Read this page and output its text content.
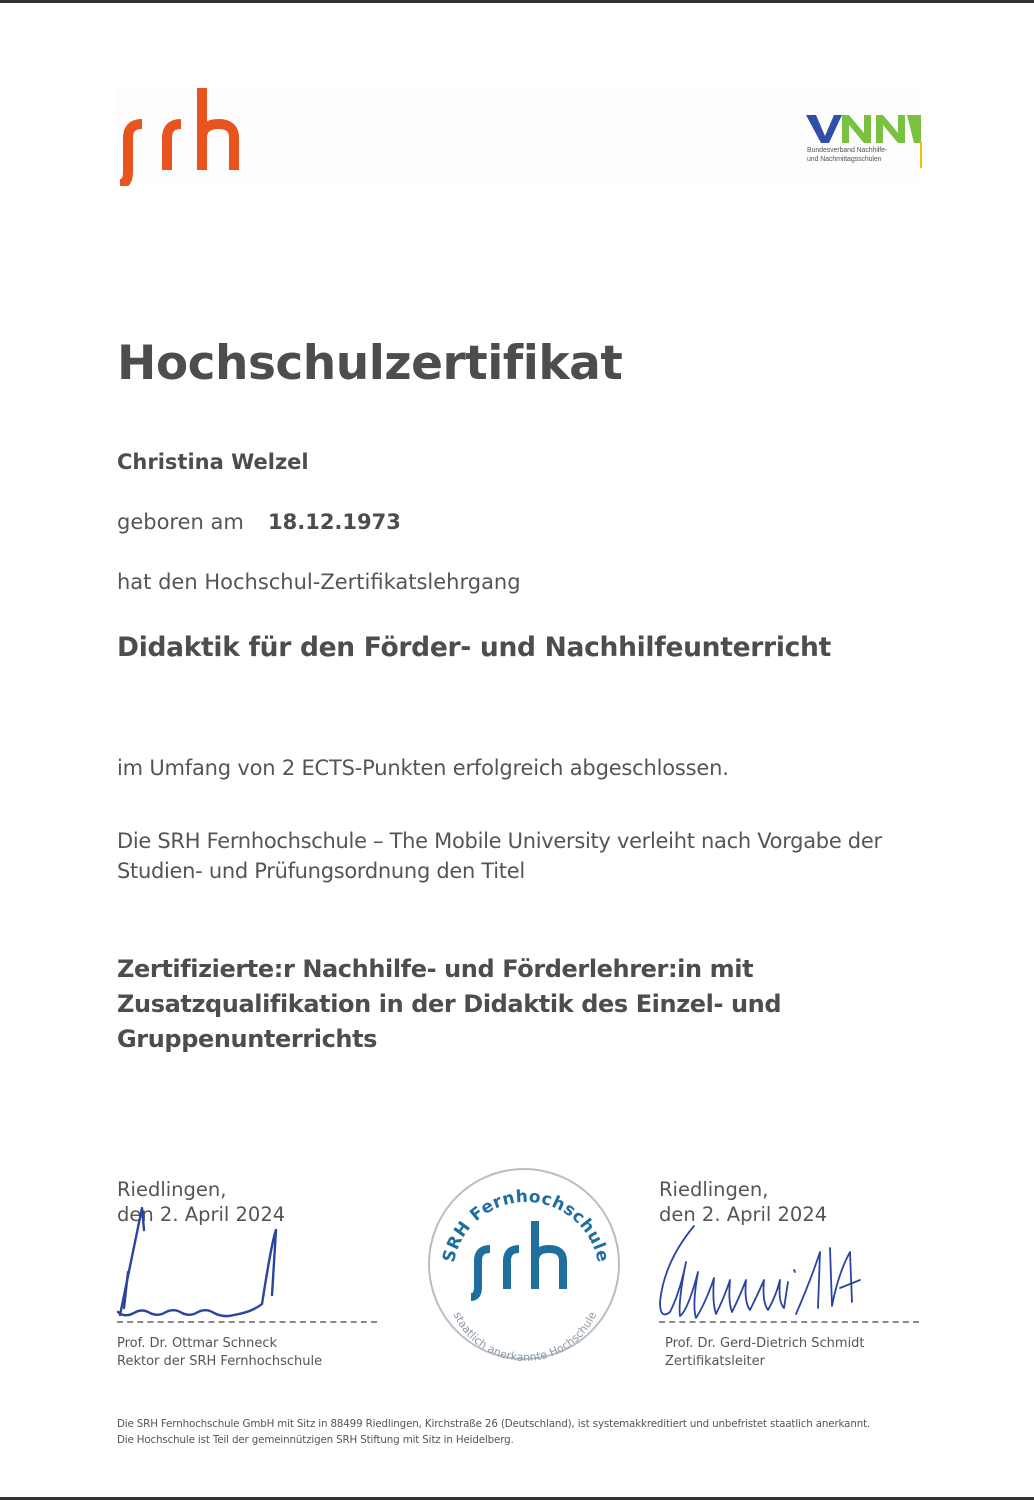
Bundesverband Nachhilfe-
und Nachmittagsschulen
Hochschulzertifikat
Christina Welzel
geboren am 18.12.1973
hat den Hochschul-Zertifikatslehrgang
Didaktik für den Förder- und Nachhilfeunterricht
im Umfang von 2 ECTS-Punkten erfolgreich abgeschlossen.
Die SRH Fernhochschule – The Mobile University verleiht nach Vorgabe der Studien- und Prüfungsordnung den Titel
Zertifizierte:r Nachhilfe- und Förderlehrer:in mit Zusatzqualifikation in der Didaktik des Einzel- und Gruppenunterrichts
Riedlingen,
den 2. April 2024
Prof. Dr. Ottmar Schneck
Rektor der SRH Fernhochschule
SRH Fernhochschule
staatlich anerkannte Hochschule
Riedlingen,
den 2. April 2024
Prof. Dr. Gerd-Dietrich Schmidt
Zertifikatsleiter
Die SRH Fernhochschule GmbH mit Sitz in 88499 Riedlingen, Kirchstraße 26 (Deutschland), ist systemakkreditiert und unbefristet staatlich anerkannt. Die Hochschule ist Teil der gemeinnützigen SRH Stiftung mit Sitz in Heidelberg.
